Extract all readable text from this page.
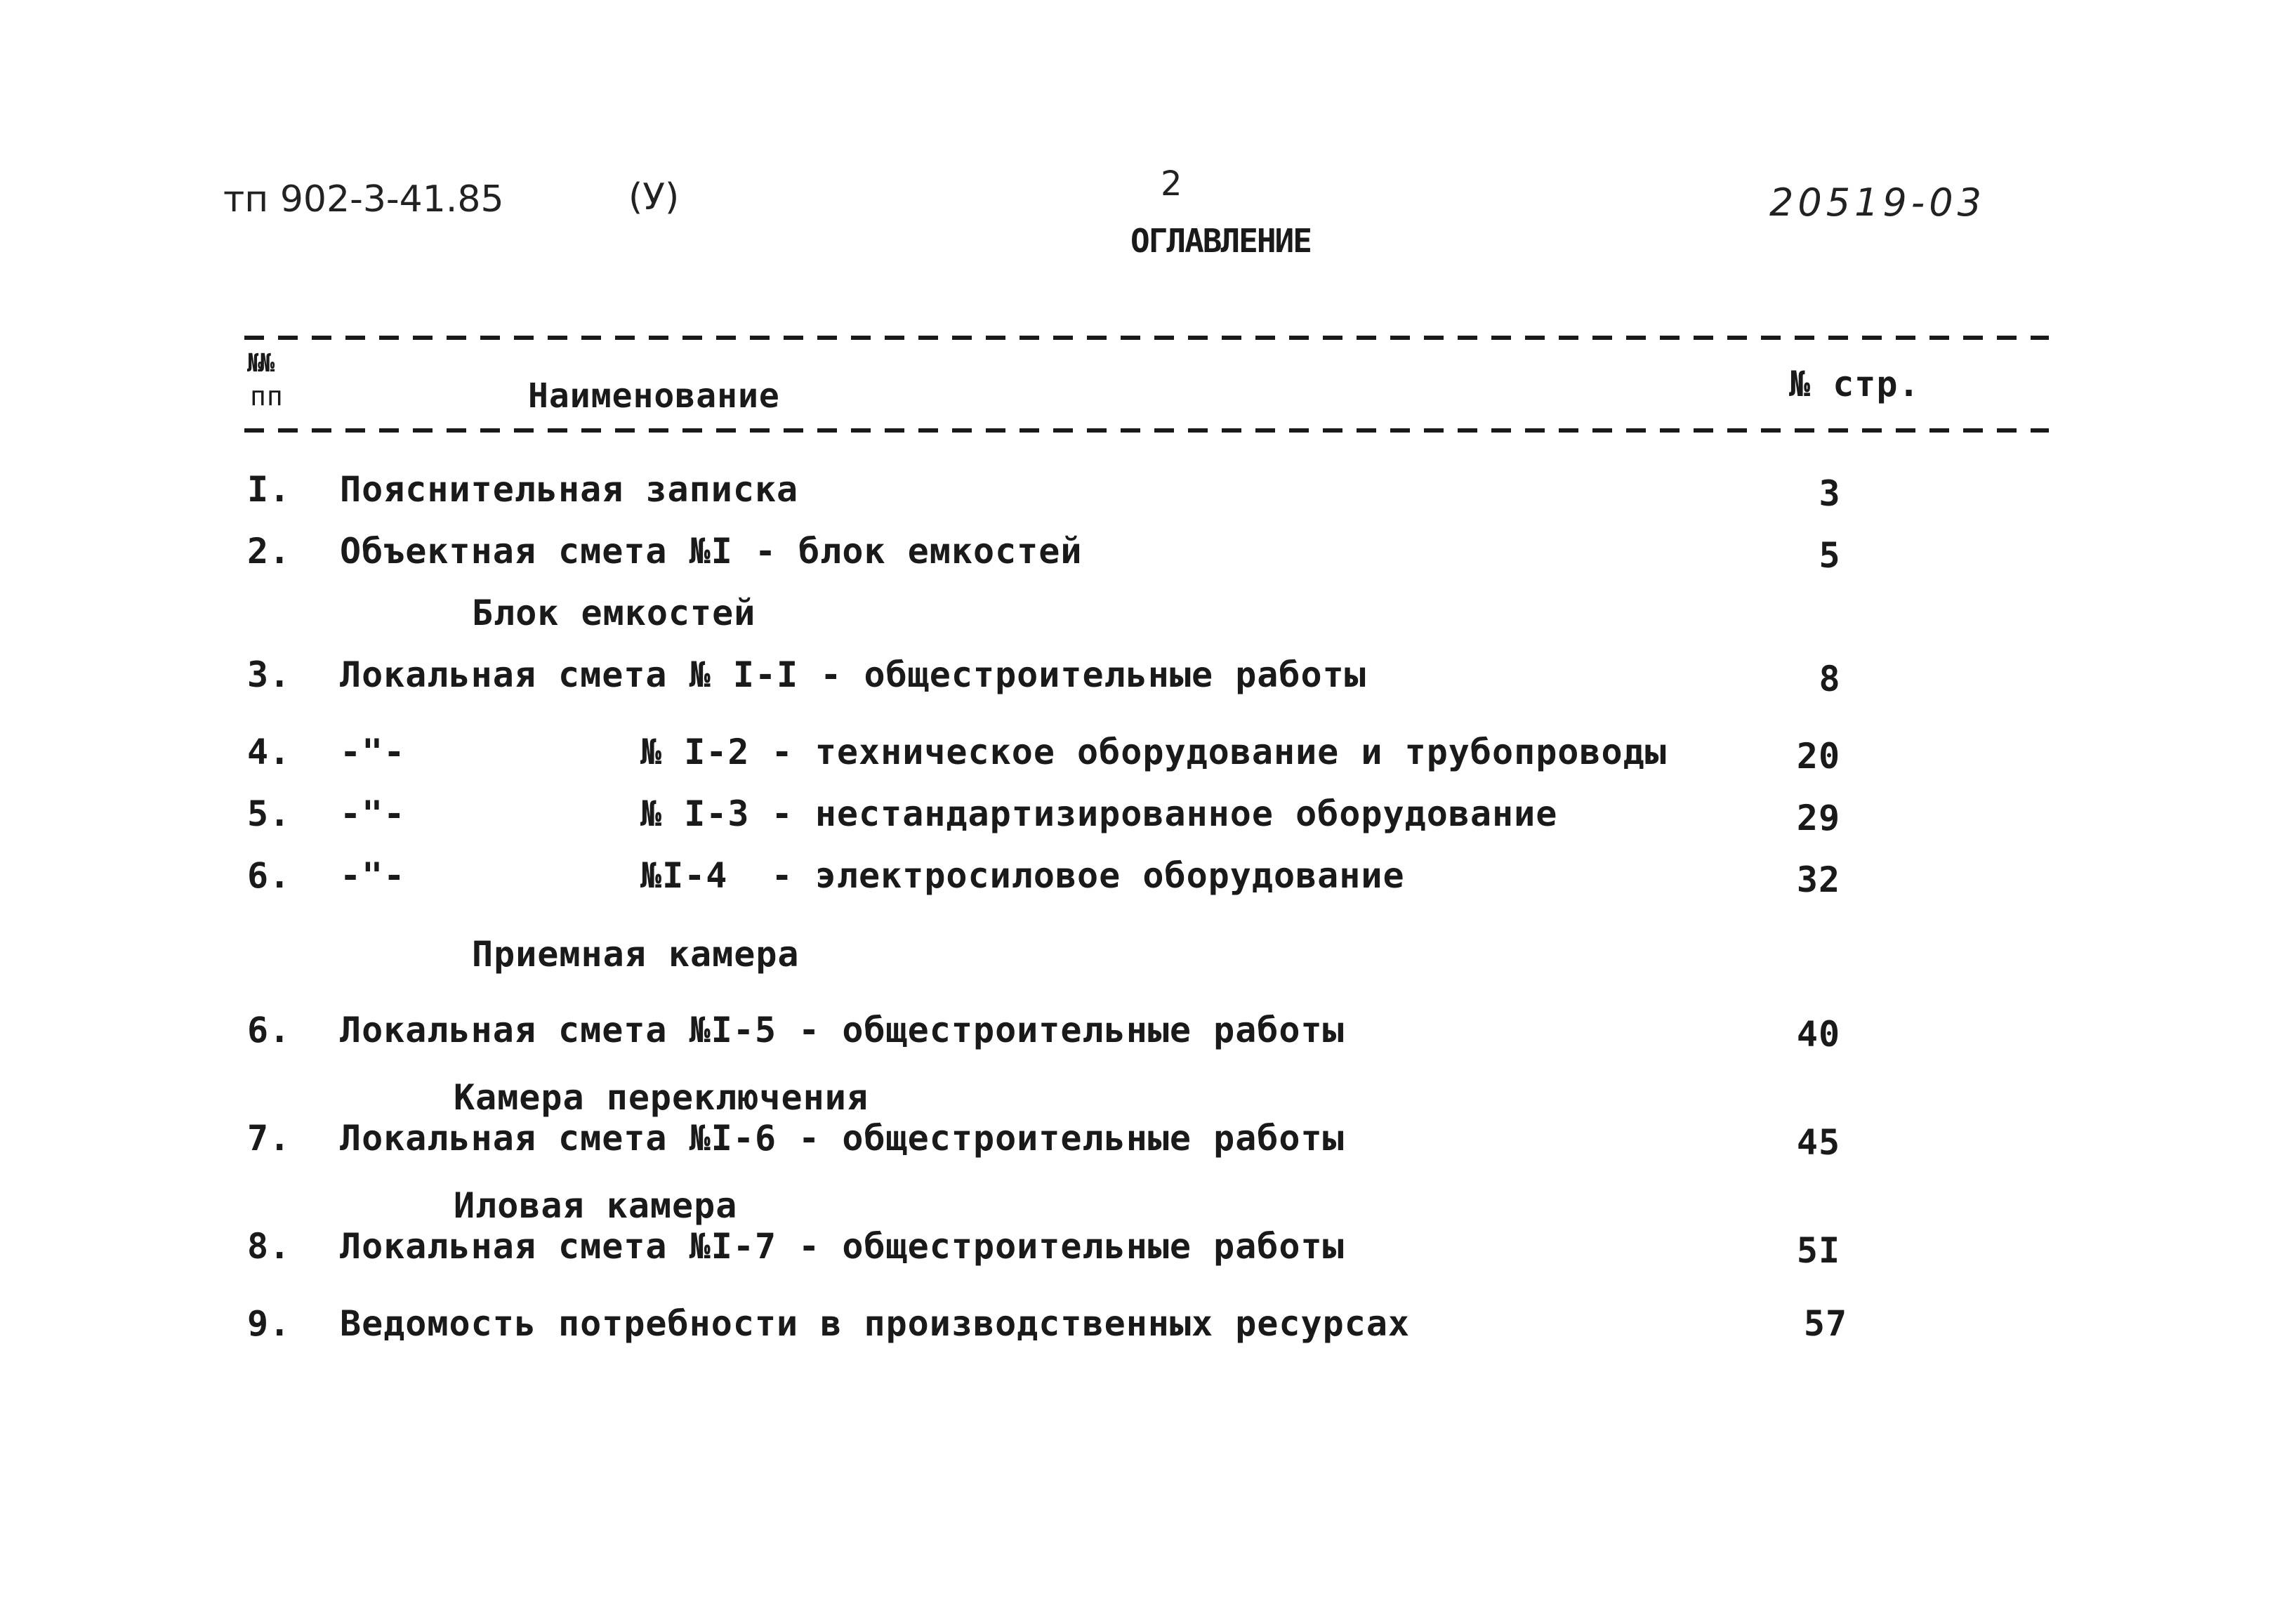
тп 902-3-41.85	(У)	2	20519-03
ОГЛАВЛЕНИЕ
№№
пп	Наименование	№ стр.
I. Пояснительная записка	3
2. Объектная смета №I - блок емкостей	5
Блок емкостей
3. Локальная смета № I-I - общестроительные работы	8
4. -"-	№ I-2 - техническое оборудование и трубопроводы	20
5. -"-	№ I-3 - нестандартизированное оборудование	29
6. -"-	№I-4  - электросиловое оборудование	32
Приемная камера
6. Локальная смета №I-5 - общестроительные работы	40
Камера переключения
7. Локальная смета №I-6 - общестроительные работы	45
Иловая камера
8. Локальная смета №I-7 - общестроительные работы	5I
9. Ведомость потребности в производственных ресурсах	57
